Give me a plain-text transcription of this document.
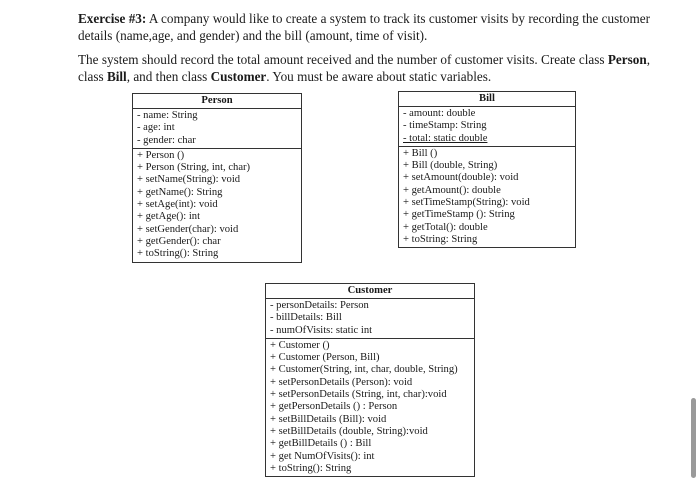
Exercise #3: A company would like to create a system to track its customer visits by recording the customer details (name,age, and gender) and the bill (amount, time of visit).

The system should record the total amount received and the number of customer visits. Create class Person, class Bill, and then class Customer. You must be aware about static variables.

Person
- name: String
- age: int
- gender: char
+ Person ()
+ Person (String, int, char)
+ setName(String): void
+ getName(): String
+ setAge(int): void
+ getAge(): int
+ setGender(char): void
+ getGender(): char
+ toString(): String
Bill
- amount: double
- timeStamp: String
- total: static double
+ Bill ()
+ Bill (double, String)
+ setAmount(double): void
+ getAmount(): double
+ setTimeStamp(String): void
+ getTimeStamp (): String
+ getTotal(): double
+ toString: String
Customer
- personDetails: Person
- billDetails: Bill
- numOfVisits: static int
+ Customer ()
+ Customer (Person, Bill)
+ Customer(String, int, char, double, String)
+ setPersonDetails (Person): void
+ setPersonDetails (String, int, char):void
+ getPersonDetails () : Person
+ setBillDetails (Bill): void
+ setBillDetails (double, String):void
+ getBillDetails () : Bill
+ get NumOfVisits(): int
+ toString(): String
